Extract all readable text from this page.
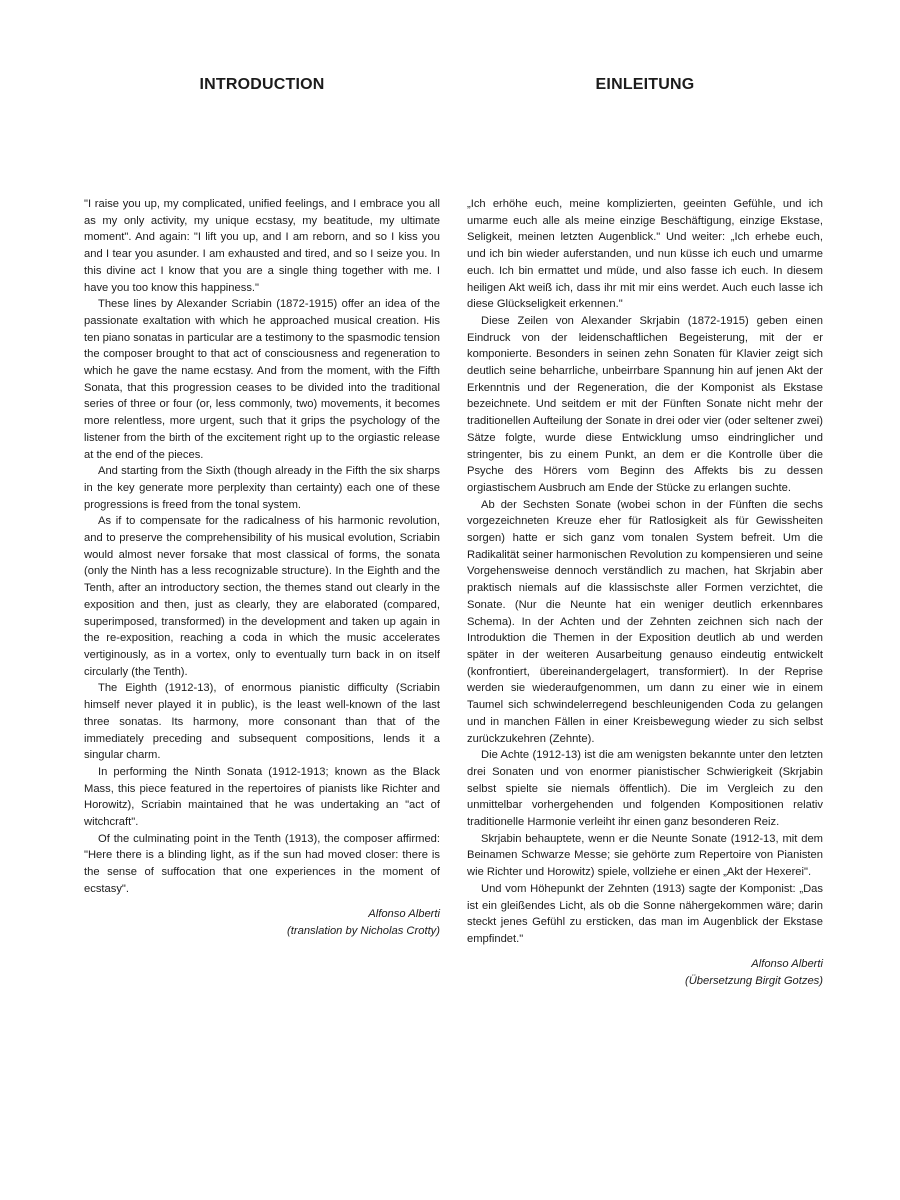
INTRODUCTION

"I raise you up, my complicated, unified feelings, and I embrace you all as my only activity, my unique ecstasy, my beatitude, my ultimate moment". And again: "I lift you up, and I am reborn, and so I kiss you and I tear you asunder. I am exhausted and tired, and so I seize you. In this divine act I know that you are a single thing together with me. I have you too know this happiness."

These lines by Alexander Scriabin (1872-1915) offer an idea of the passionate exaltation with which he approached musical creation. His ten piano sonatas in particular are a testimony to the spasmodic tension the composer brought to that act of consciousness and regeneration to which he gave the name ecstasy. And from the moment, with the Fifth Sonata, that this progression ceases to be divided into the traditional series of three or four (or, less commonly, two) movements, it becomes more relentless, more urgent, such that it grips the psychology of the listener from the birth of the excitement right up to the orgiastic release at the end of the pieces.

And starting from the Sixth (though already in the Fifth the six sharps in the key generate more perplexity than certainty) each one of these progressions is freed from the tonal system.

As if to compensate for the radicalness of his harmonic revolution, and to preserve the comprehensibility of his musical evolution, Scriabin would almost never forsake that most classical of forms, the sonata (only the Ninth has a less recognizable structure). In the Eighth and the Tenth, after an introductory section, the themes stand out clearly in the exposition and then, just as clearly, they are elaborated (compared, superimposed, transformed) in the development and taken up again in the re-exposition, reaching a coda in which the music accelerates vertiginously, as in a vortex, only to eventually turn back in on itself circularly (the Tenth).

The Eighth (1912-13), of enormous pianistic difficulty (Scriabin himself never played it in public), is the least well-known of the last three sonatas. Its harmony, more consonant than that of the immediately preceding and subsequent compositions, lends it a singular charm.

In performing the Ninth Sonata (1912-1913; known as the Black Mass, this piece featured in the repertoires of pianists like Richter and Horowitz), Scriabin maintained that he was undertaking an "act of witchcraft".

Of the culminating point in the Tenth (1913), the composer affirmed: "Here there is a blinding light, as if the sun had moved closer: there is the sense of suffocation that one experiences in the moment of ecstasy".

Alfonso Alberti
(translation by Nicholas Crotty)
EINLEITUNG

„Ich erhöhe euch, meine komplizierten, geeinten Gefühle, und ich umarme euch alle als meine einzige Beschäftigung, einzige Ekstase, Seligkeit, meinen letzten Augenblick." Und weiter: „Ich erhebe euch, und ich bin wieder auferstanden, und nun küsse ich euch und umarme euch. Ich bin ermattet und müde, und also fasse ich euch. In diesem heiligen Akt weiß ich, dass ihr mit mir eins werdet. Auch euch lasse ich diese Glückseligkeit erkennen."

Diese Zeilen von Alexander Skrjabin (1872-1915) geben einen Eindruck von der leidenschaftlichen Begeisterung, mit der er komponierte. Besonders in seinen zehn Sonaten für Klavier zeigt sich deutlich seine beharrliche, unbeirrbare Spannung hin auf jenen Akt der Erkenntnis und der Regeneration, die der Komponist als Ekstase bezeichnete. Und seitdem er mit der Fünften Sonate nicht mehr der traditionellen Aufteilung der Sonate in drei oder vier (oder seltener zwei) Sätze folgte, wurde diese Entwicklung umso eindringlicher und stringenter, bis zu einem Punkt, an dem er die Kontrolle über die Psyche des Hörers vom Beginn des Affekts bis zu dessen orgiastischem Ausbruch am Ende der Stücke zu erlangen suchte.

Ab der Sechsten Sonate (wobei schon in der Fünften die sechs vorgezeichneten Kreuze eher für Ratlosigkeit als für Gewissheiten sorgen) hatte er sich ganz vom tonalen System befreit. Um die Radikalität seiner harmonischen Revolution zu kompensieren und seine Vorgehensweise dennoch verständlich zu machen, hat Skrjabin aber praktisch niemals auf die klassischste aller Formen verzichtet, die Sonate. (Nur die Neunte hat ein weniger deutlich erkennbares Schema). In der Achten und der Zehnten zeichnen sich nach der Introduktion die Themen in der Exposition deutlich ab und werden später in der weiteren Ausarbeitung genauso eindeutig entwickelt (konfrontiert, übereinandergelagert, transformiert). In der Reprise werden sie wiederaufgenommen, um dann zu einer wie in einem Taumel sich schwindelerregend beschleunigenden Coda zu gelangen und in manchen Fällen in einer Kreisbewegung wieder zu sich selbst zurückzukehren (Zehnte).

Die Achte (1912-13) ist die am wenigsten bekannte unter den letzten drei Sonaten und von enormer pianistischer Schwierigkeit (Skrjabin selbst spielte sie niemals öffentlich). Die im Vergleich zu den unmittelbar vorhergehenden und folgenden Kompositionen relativ traditionelle Harmonie verleiht ihr einen ganz besonderen Reiz.

Skrjabin behauptete, wenn er die Neunte Sonate (1912-13, mit dem Beinamen Schwarze Messe; sie gehörte zum Repertoire von Pianisten wie Richter und Horowitz) spiele, vollziehe er einen „Akt der Hexerei".

Und vom Höhepunkt der Zehnten (1913) sagte der Komponist: „Das ist ein gleißendes Licht, als ob die Sonne nähergekommen wäre; darin steckt jenes Gefühl zu ersticken, das man im Augenblick der Ekstase empfindet."

Alfonso Alberti
(Übersetzung Birgit Gotzes)
